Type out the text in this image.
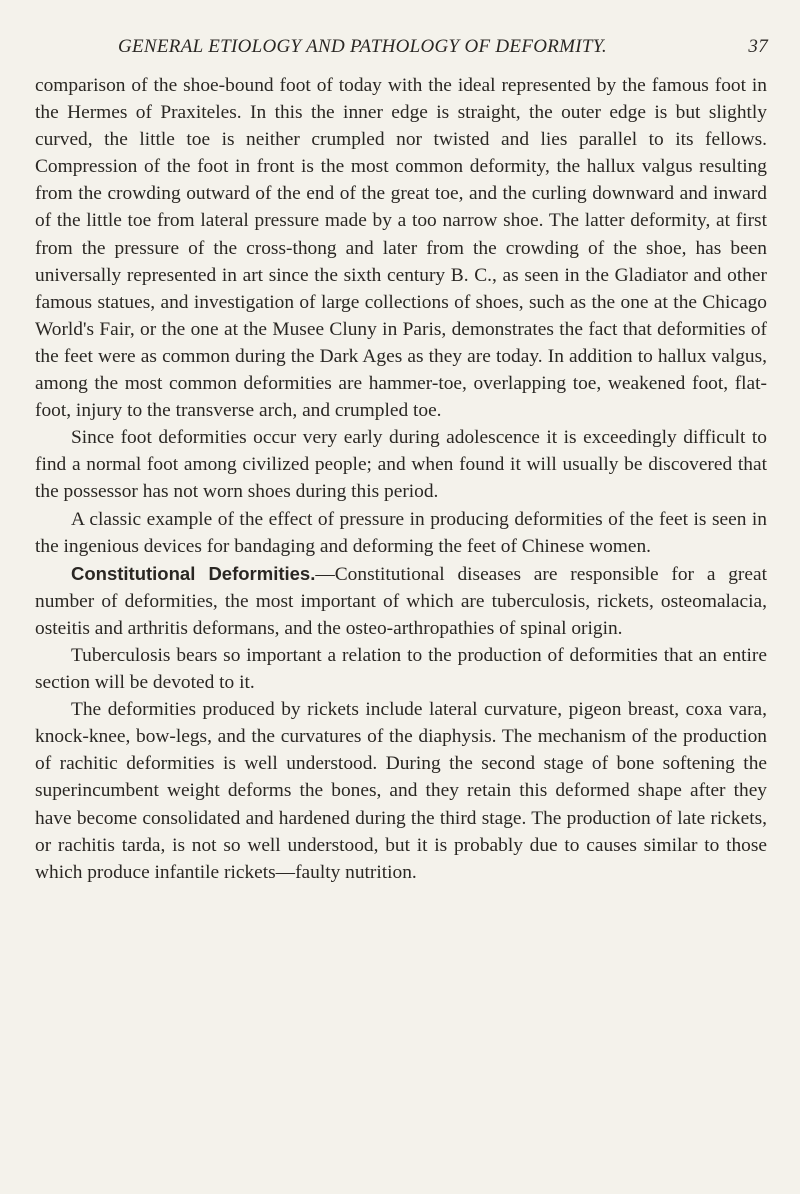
GENERAL ETIOLOGY AND PATHOLOGY OF DEFORMITY.	37

comparison of the shoe-bound foot of today with the ideal represented by the famous foot in the Hermes of Praxiteles. In this the inner edge is straight, the outer edge is but slightly curved, the little toe is neither crumpled nor twisted and lies parallel to its fellows. Compression of the foot in front is the most common deformity, the hallux valgus resulting from the crowding outward of the end of the great toe, and the curling downward and inward of the little toe from lateral pressure made by a too narrow shoe. The latter deformity, at first from the pressure of the cross-thong and later from the crowding of the shoe, has been universally represented in art since the sixth century B. C., as seen in the Gladiator and other famous statues, and investigation of large collections of shoes, such as the one at the Chicago World's Fair, or the one at the Musee Cluny in Paris, demonstrates the fact that deformities of the feet were as common during the Dark Ages as they are today. In addition to hallux valgus, among the most common deformities are hammer-toe, overlapping toe, weakened foot, flat-foot, injury to the transverse arch, and crumpled toe.

Since foot deformities occur very early during adolescence it is exceedingly difficult to find a normal foot among civilized people; and when found it will usually be discovered that the possessor has not worn shoes during this period.

A classic example of the effect of pressure in producing deformities of the feet is seen in the ingenious devices for bandaging and deforming the feet of Chinese women.

Constitutional Deformities.—Constitutional diseases are responsible for a great number of deformities, the most important of which are tuberculosis, rickets, osteomalacia, osteitis and arthritis deformans, and the osteo-arthropathies of spinal origin.

Tuberculosis bears so important a relation to the production of deformities that an entire section will be devoted to it.

The deformities produced by rickets include lateral curvature, pigeon breast, coxa vara, knock-knee, bow-legs, and the curvatures of the diaphysis. The mechanism of the production of rachitic deformities is well understood. During the second stage of bone softening the superincumbent weight deforms the bones, and they retain this deformed shape after they have become consolidated and hardened during the third stage. The production of late rickets, or rachitis tarda, is not so well understood, but it is probably due to causes similar to those which produce infantile rickets—faulty nutrition.
